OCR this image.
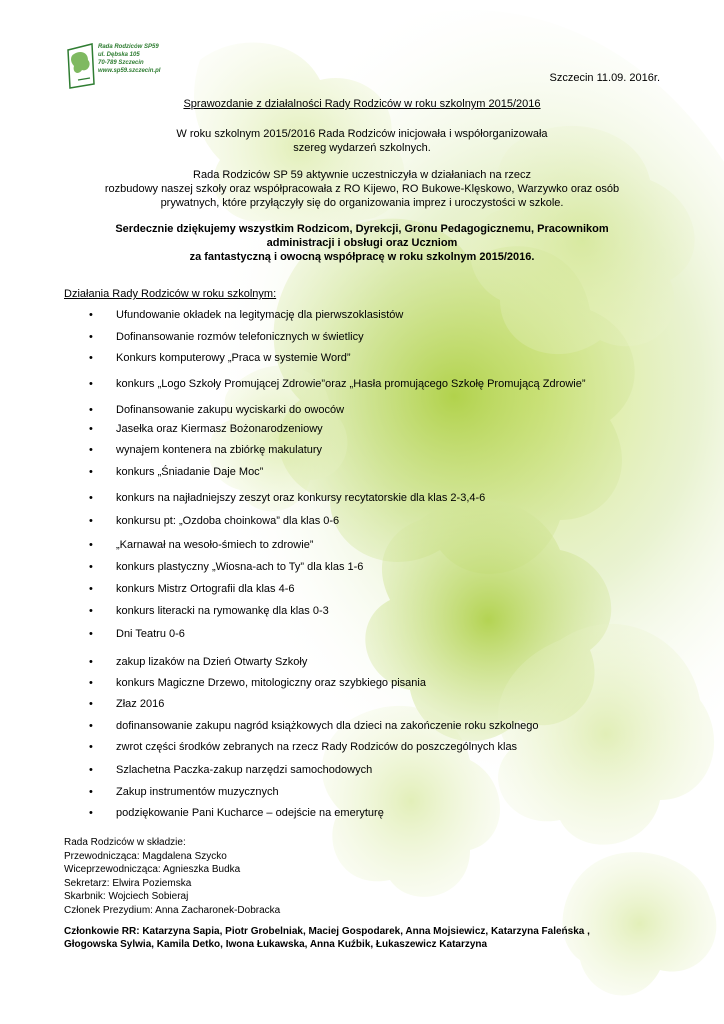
Rada Rodziców SP59
ul. Dębska 105
70-789 Szczecin
www.sp59.szczecin.pl
Szczecin 11.09. 2016r.
Sprawozdanie z działalności Rady Rodziców w roku szkolnym 2015/2016
W roku szkolnym 2015/2016 Rada Rodziców inicjowała i współorganizowała
szereg wydarzeń szkolnych.
Rada Rodziców SP 59 aktywnie uczestniczyła w działaniach na rzecz
rozbudowy naszej szkoły oraz współpracowała z RO Kijewo, RO Bukowe-Klęskowo, Warzywko oraz osób
prywatnych, które przyłączyły się do organizowania imprez i uroczystości w szkole.
Serdecznie dziękujemy wszystkim Rodzicom, Dyrekcji, Gronu Pedagogicznemu, Pracownikom
administracji i obsługi oraz Uczniom
za fantastyczną i owocną współpracę w roku szkolnym 2015/2016.
Działania Rady Rodziców w roku szkolnym:
• Ufundowanie okładek na legitymację dla pierwszoklasistów
• Dofinansowanie rozmów telefonicznych w świetlicy
• Konkurs komputerowy „Praca w systemie Word”
• konkurs „Logo Szkoły Promującej Zdrowie”oraz „Hasła promującego Szkołę Promującą Zdrowie”
• Dofinansowanie zakupu wyciskarki do owoców
• Jasełka oraz Kiermasz Bożonarodzeniowy
• wynajem kontenera na zbiórkę makulatury
• konkurs „Śniadanie Daje Moc”
• konkurs na najładniejszy zeszyt oraz konkursy recytatorskie dla klas 2-3,4-6
• konkursu pt: „Ozdoba choinkowa” dla klas 0-6
• „Karnawał na wesoło-śmiech to zdrowie”
• konkurs plastyczny „Wiosna-ach to Ty” dla klas 1-6
• konkurs Mistrz Ortografii dla klas 4-6
• konkurs literacki na rymowankę dla klas 0-3
• Dni Teatru 0-6
• zakup lizaków na Dzień Otwarty Szkoły
• konkurs Magiczne Drzewo, mitologiczny oraz szybkiego pisania
• Złaz 2016
• dofinansowanie zakupu nagród książkowych dla dzieci na zakończenie roku szkolnego
• zwrot części środków zebranych na rzecz Rady Rodziców do poszczególnych klas
• Szlachetna Paczka-zakup narzędzi samochodowych
• Zakup instrumentów muzycznych
• podziękowanie Pani Kucharce – odejście na emeryturę
Rada Rodziców w składzie:
Przewodnicząca: Magdalena Szycko
Wiceprzewodnicząca: Agnieszka Budka
Sekretarz: Elwira Poziemska
Skarbnik: Wojciech Sobieraj
Członek Prezydium: Anna Zacharonek-Dobracka
Członkowie RR: Katarzyna Sapia, Piotr Grobelniak, Maciej Gospodarek, Anna Mojsiewicz, Katarzyna Faleńska ,
Głogowska Sylwia, Kamila Detko, Iwona Łukawska, Anna Kuźbik, Łukaszewicz Katarzyna
